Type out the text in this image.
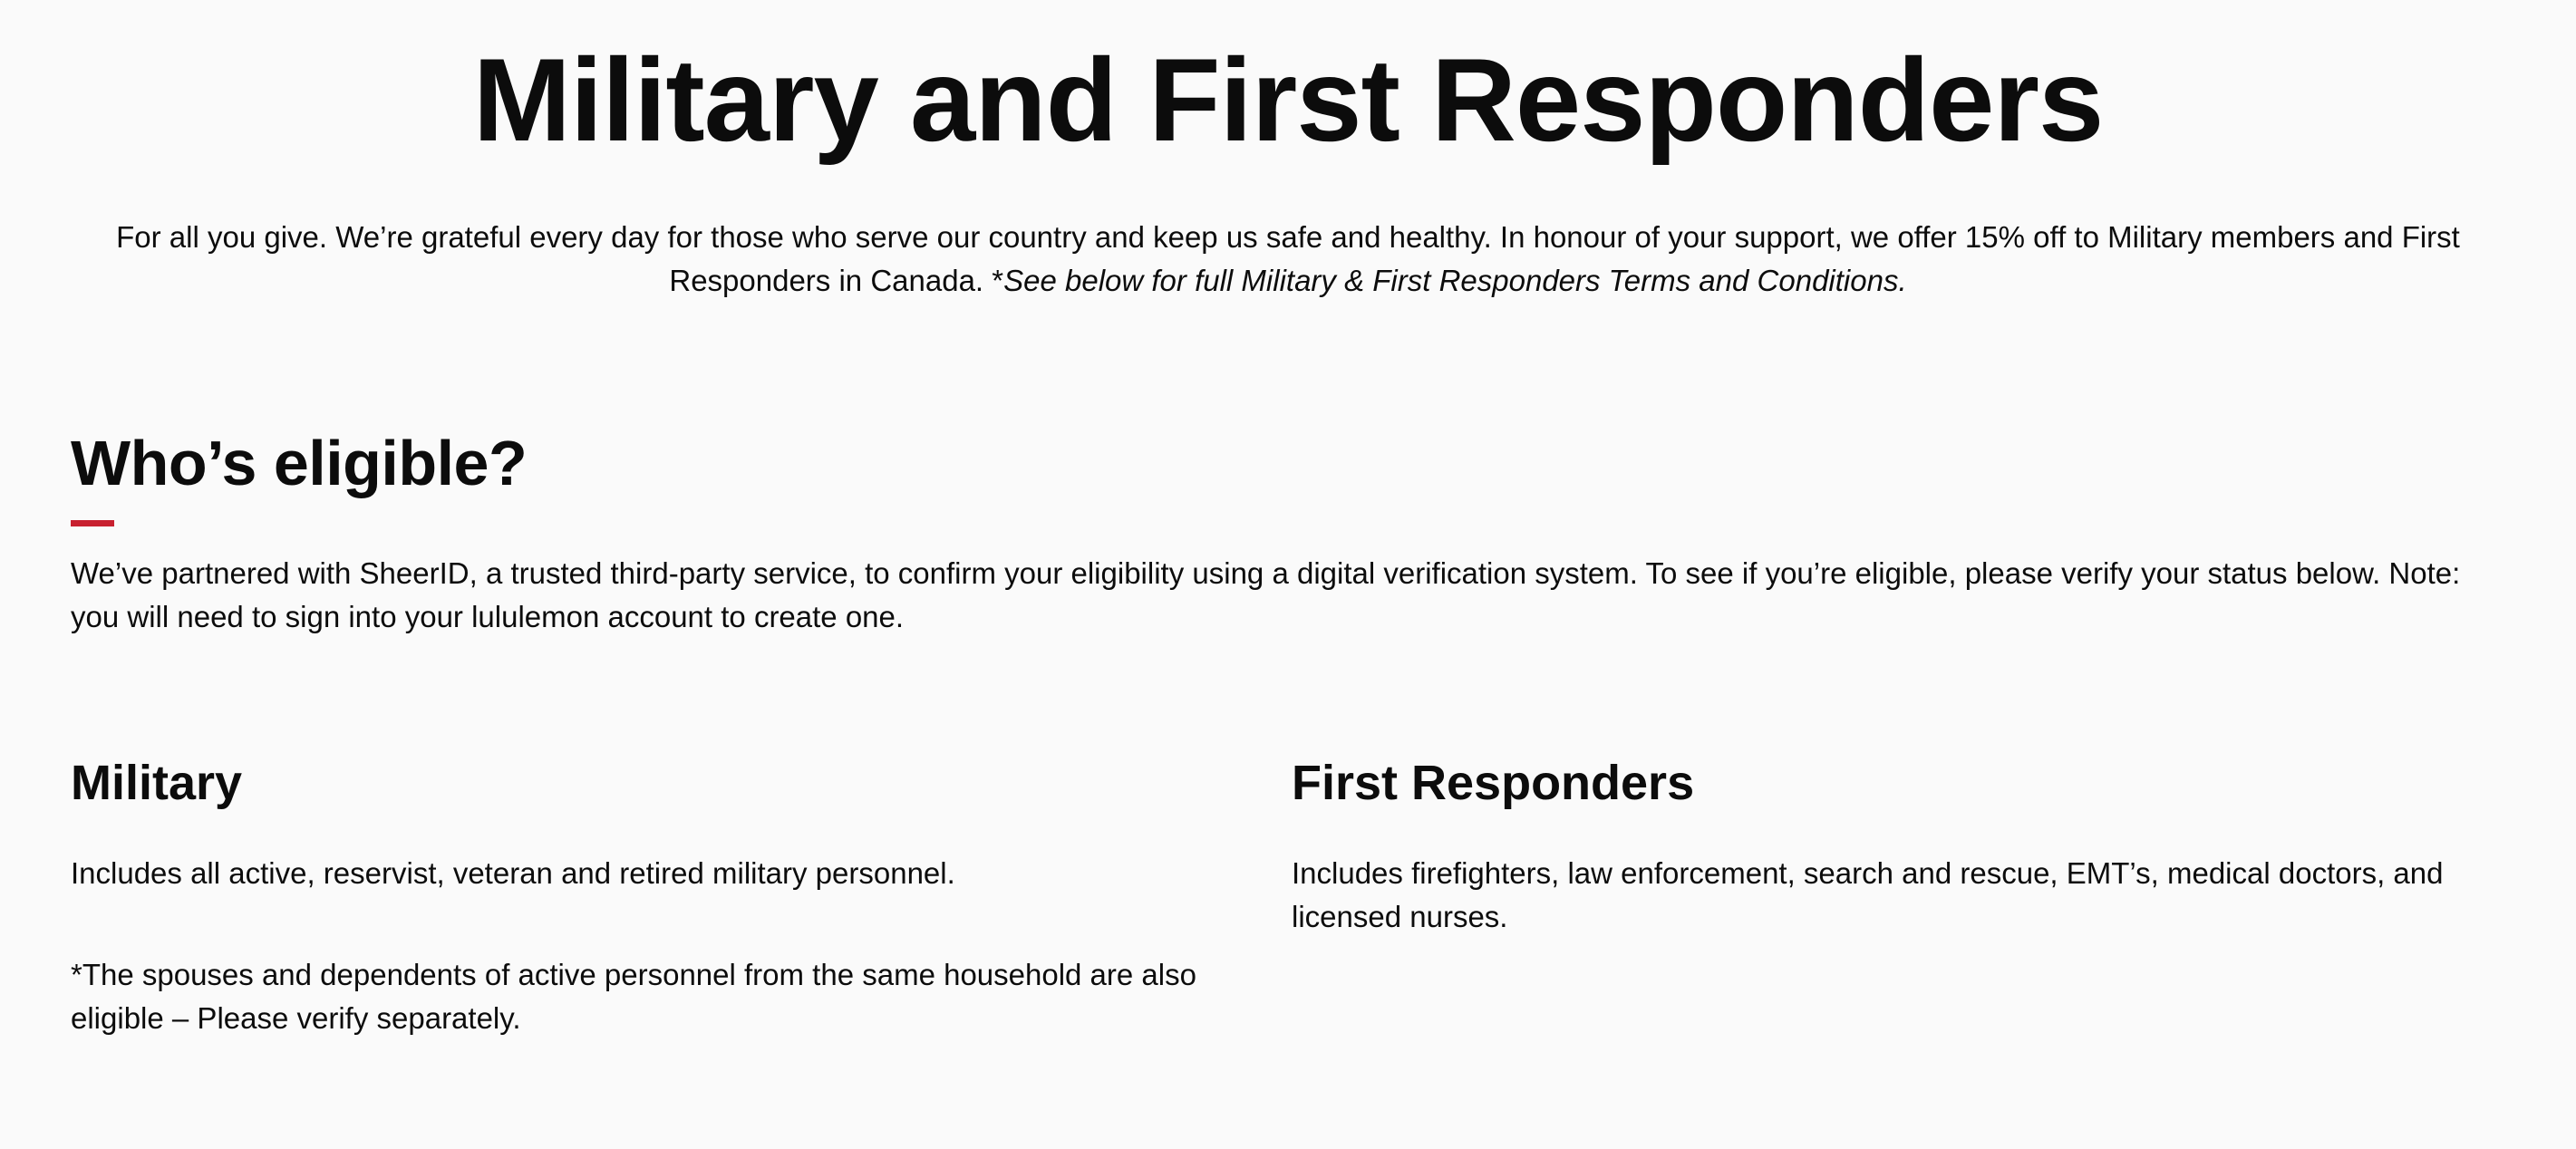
Military and First Responders

For all you give. We’re grateful every day for those who serve our country and keep us safe and healthy. In honour of your support, we offer 15% off to Military members and First Responders in Canada. *See below for full Military & First Responders Terms and Conditions.

Who’s eligible?

We’ve partnered with SheerID, a trusted third-party service, to confirm your eligibility using a digital verification system. To see if you’re eligible, please verify your status below. Note: you will need to sign into your lululemon account to create one.

Military

Includes all active, reservist, veteran and retired military personnel.

*The spouses and dependents of active personnel from the same household are also eligible – Please verify separately.

First Responders

Includes firefighters, law enforcement, search and rescue, EMT’s, medical doctors, and licensed nurses.
